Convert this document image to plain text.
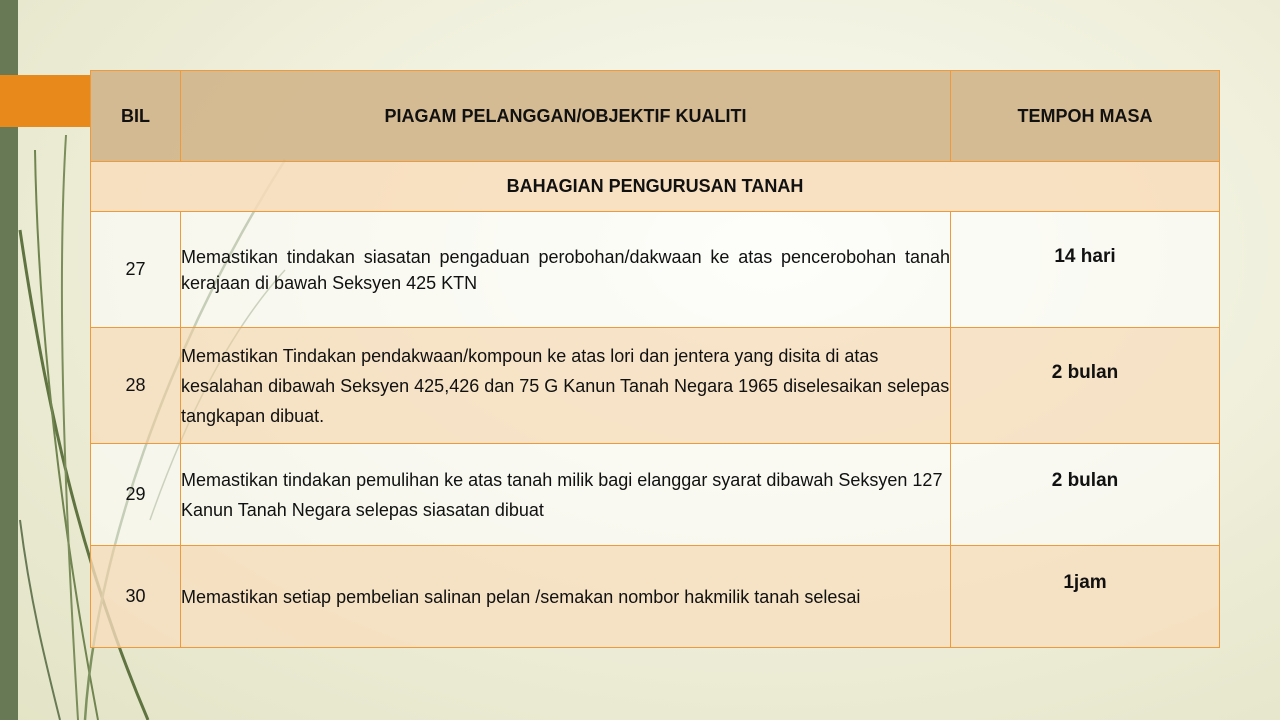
BIL	PIAGAM PELANGGAN/OBJEKTIF KUALITI	TEMPOH MASA
BAHAGIAN PENGURUSAN TANAH		
27	Memastikan tindakan siasatan pengaduan perobohan/dakwaan ke atas pencerobohan tanah kerajaan di bawah Seksyen 425 KTN	14 hari
28	Memastikan Tindakan pendakwaan/kompoun ke atas lori dan jentera yang disita di atas kesalahan dibawah Seksyen 425,426 dan 75 G Kanun Tanah Negara 1965 diselesaikan selepas tangkapan dibuat.	2 bulan
29	Memastikan tindakan pemulihan ke atas tanah milik bagi elanggar syarat dibawah Seksyen 127 Kanun Tanah Negara selepas siasatan dibuat	2 bulan
30	Memastikan setiap pembelian salinan pelan /semakan nombor hakmilik tanah selesai	1jam
